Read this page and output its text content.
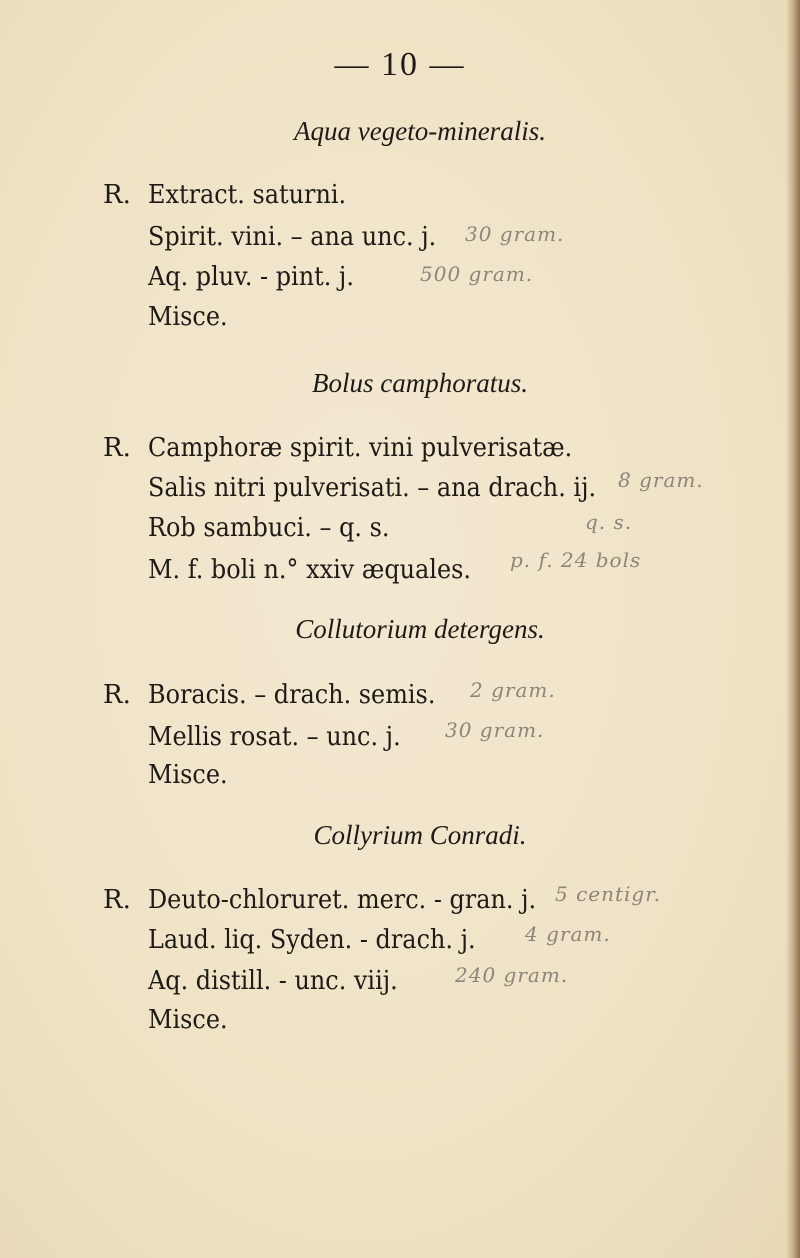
— 10 —
Aqua vegeto-mineralis.
R. Extract. saturni.
Spirit. vini. – ana unc. j.
Aq. pluv. - pint. j.
Misce.
30 gram.
500 gram.
Bolus camphoratus.
R. Camphoræ spirit. vini pulverisatæ.
Salis nitri pulverisati. – ana drach. ij.
Rob sambuci. – q. s.
M. f. boli n.° xxiv æquales.
8 gram.
q. s.
p. f. 24 bols
Collutorium detergens.
R. Boracis. – drach. semis.
Mellis rosat. – unc. j.
Misce.
2 gram.
30 gram.
Collyrium Conradi.
R. Deuto-chloruret. merc. - gran. j.
Laud. liq. Syden. - drach. j.
Aq. distill. - unc. viij.
Misce.
5 centigr.
4 gram.
240 gram.
